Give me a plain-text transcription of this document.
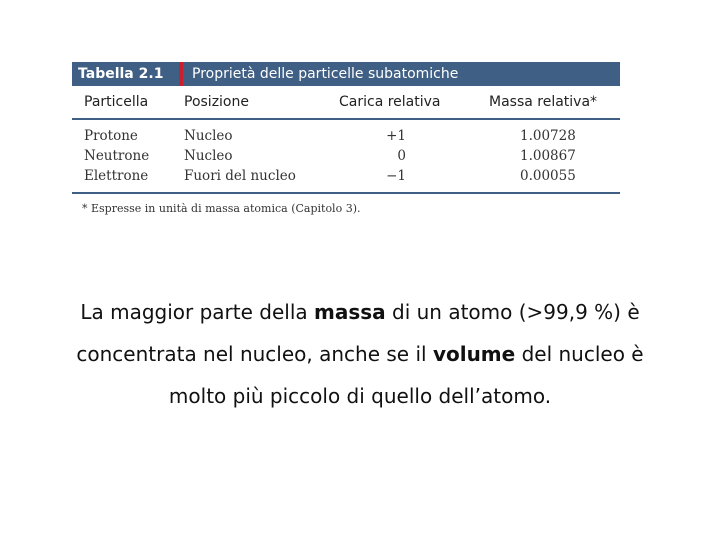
Tabella 2.1	Proprietà delle particelle subatomiche
Particella	Posizione	Carica relativa	Massa relativa*
Protone	Nucleo	+1	1.00728
Neutrone	Nucleo	0	1.00867
Elettrone	Fuori del nucleo	−1	0.00055
* Espresse in unità di massa atomica (Capitolo 3).
La maggior parte della massa di un atomo (>99,9 %) è concentrata nel nucleo, anche se il volume del nucleo è molto più piccolo di quello dell’atomo.
